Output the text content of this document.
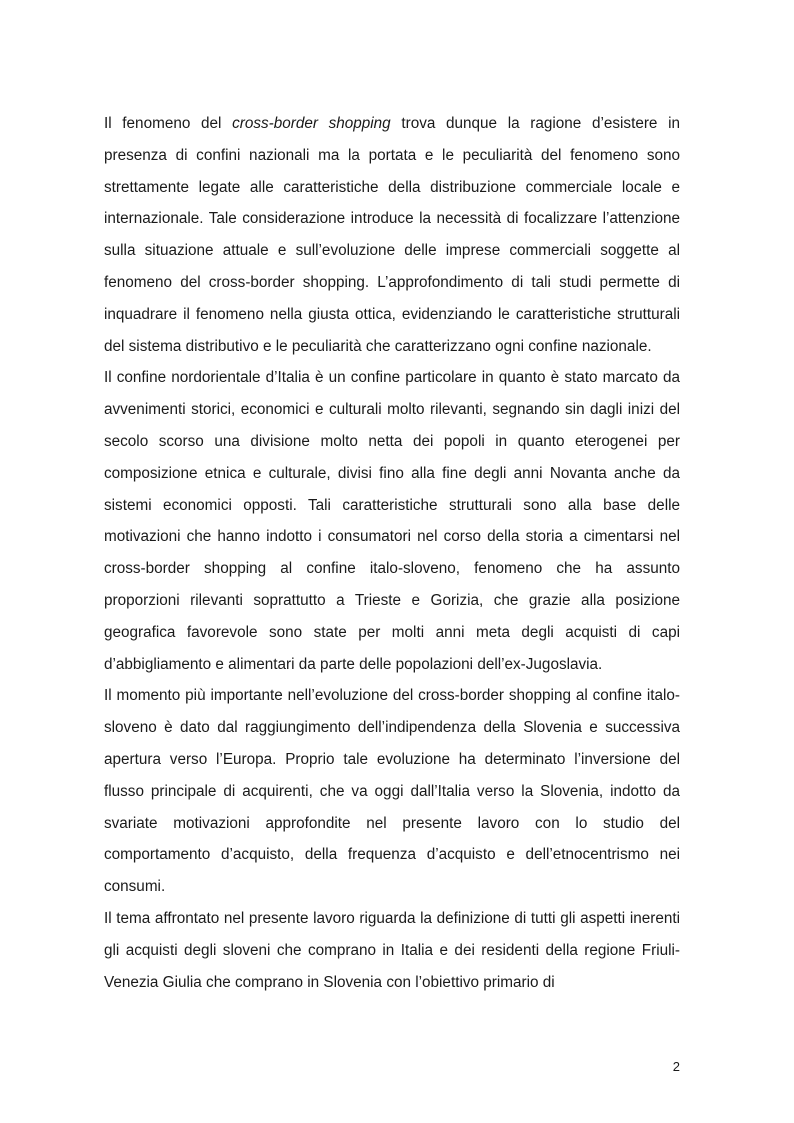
Il fenomeno del cross-border shopping trova dunque la ragione d’esistere in presenza di confini nazionali ma la portata e le peculiarità del fenomeno sono strettamente legate alle caratteristiche della distribuzione commerciale locale e internazionale. Tale considerazione introduce la necessità di focalizzare l’attenzione sulla situazione attuale e sull’evoluzione delle imprese commerciali soggette al fenomeno del cross-border shopping. L’approfondimento di tali studi permette di inquadrare il fenomeno nella giusta ottica, evidenziando le caratteristiche strutturali del sistema distributivo e le peculiarità che caratterizzano ogni confine nazionale.

Il confine nordorientale d’Italia è un confine particolare in quanto è stato marcato da avvenimenti storici, economici e culturali molto rilevanti, segnando sin dagli inizi del secolo scorso una divisione molto netta dei popoli in quanto eterogenei per composizione etnica e culturale, divisi fino alla fine degli anni Novanta anche da sistemi economici opposti. Tali caratteristiche strutturali sono alla base delle motivazioni che hanno indotto i consumatori nel corso della storia a cimentarsi nel cross-border shopping al confine italo-sloveno, fenomeno che ha assunto proporzioni rilevanti soprattutto a Trieste e Gorizia, che grazie alla posizione geografica favorevole sono state per molti anni meta degli acquisti di capi d’abbigliamento e alimentari da parte delle popolazioni dell’ex-Jugoslavia.

Il momento più importante nell’evoluzione del cross-border shopping al confine italo-sloveno è dato dal raggiungimento dell’indipendenza della Slovenia e successiva apertura verso l’Europa. Proprio tale evoluzione ha determinato l’inversione del flusso principale di acquirenti, che va oggi dall’Italia verso la Slovenia, indotto da svariate motivazioni approfondite nel presente lavoro con lo studio del comportamento d’acquisto, della frequenza d’acquisto e dell’etnocentrismo nei consumi.

Il tema affrontato nel presente lavoro riguarda la definizione di tutti gli aspetti inerenti gli acquisti degli sloveni che comprano in Italia e dei residenti della regione Friuli-Venezia Giulia che comprano in Slovenia con l’obiettivo primario di

2
